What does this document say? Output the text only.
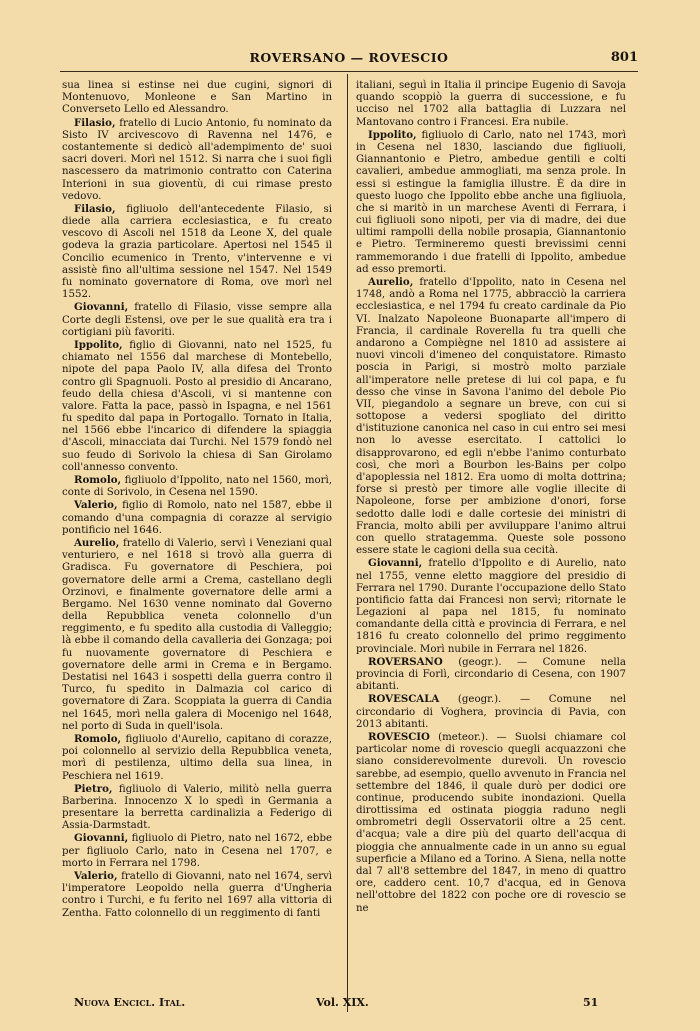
ROVERSANO — ROVESCIO	801

sua linea si estinse nei due cugini, signori di Montenuovo, Monleone e San Martino in Converseto Lello ed Alessandro.

Filasio, fratello di Lucio Antonio, fu nominato da Sisto IV arcivescovo di Ravenna nel 1476, e costantemente si dedicò all'adempimento de' suoi sacri doveri. Morì nel 1512. Si narra che i suoi figli nascessero da matrimonio contratto con Caterina Interioni in sua gioventù, di cui rimase presto vedovo.

Filasio, figliuolo dell'antecedente Filasio, si diede alla carriera ecclesiastica, e fu creato vescovo di Ascoli nel 1518 da Leone X, del quale godeva la grazia particolare. Apertosi nel 1545 il Concilio ecumenico in Trento, v'intervenne e vi assistè fino all'ultima sessione nel 1547. Nel 1549 fu nominato governatore di Roma, ove morì nel 1552.

Giovanni, fratello di Filasio, visse sempre alla Corte degli Estensi, ove per le sue qualità era tra i cortigiani più favoriti.

Ippolito, figlio di Giovanni, nato nel 1525, fu chiamato nel 1556 dal marchese di Montebello, nipote del papa Paolo IV, alla difesa del Tronto contro gli Spagnuoli. Posto al presidio di Ancarano, feudo della chiesa d'Ascoli, vi si mantenne con valore. Fatta la pace, passò in Ispagna, e nel 1561 fu spedito dal papa in Portogallo. Tornato in Italia, nel 1566 ebbe l'incarico di difendere la spiaggia d'Ascoli, minacciata dai Turchi. Nel 1579 fondò nel suo feudo di Sorivolo la chiesa di San Girolamo coll'annesso convento.

Romolo, figliuolo d'Ippolito, nato nel 1560, morì, conte di Sorivolo, in Cesena nel 1590.

Valerio, figlio di Romolo, nato nel 1587, ebbe il comando d'una compagnia di corazze al servigio pontificio nel 1646.

Aurelio, fratello di Valerio, servì i Veneziani qual venturiero, e nel 1618 si trovò alla guerra di Gradisca. Fu governatore di Peschiera, poi governatore delle armi a Crema, castellano degli Orzinovi, e finalmente governatore delle armi a Bergamo. Nel 1630 venne nominato dal Governo della Repubblica veneta colonnello d'un reggimento, e fu spedito alla custodia di Valleggio; là ebbe il comando della cavalleria dei Gonzaga; poi fu nuovamente governatore di Peschiera e governatore delle armi in Crema e in Bergamo. Destatisi nel 1643 i sospetti della guerra contro il Turco, fu spedito in Dalmazia col carico di governatore di Zara. Scoppiata la guerra di Candia nel 1645, morì nella galera di Mocenigo nel 1648, nel porto di Suda in quell'isola.

Romolo, figliuolo d'Aurelio, capitano di corazze, poi colonnello al servizio della Repubblica veneta, morì di pestilenza, ultimo della sua linea, in Peschiera nel 1619.

Pietro, figliuolo di Valerio, militò nella guerra Barberina. Innocenzo X lo spedì in Germania a presentare la berretta cardinalizia a Federigo di Assia-Darmstadt.

Giovanni, figliuolo di Pietro, nato nel 1672, ebbe per figliuolo Carlo, nato in Cesena nel 1707, e morto in Ferrara nel 1798.

Valerio, fratello di Giovanni, nato nel 1674, servì l'imperatore Leopoldo nella guerra d'Ungheria contro i Turchi, e fu ferito nel 1697 alla vittoria di Zentha. Fatto colonnello di un reggimento di fanti

italiani, seguì in Italia il principe Eugenio di Savoja quando scoppiò la guerra di successione, e fu ucciso nel 1702 alla battaglia di Luzzara nel Mantovano contro i Francesi. Era nubile.

Ippolito, figliuolo di Carlo, nato nel 1743, morì in Cesena nel 1830, lasciando due figliuoli, Giannantonio e Pietro, ambedue gentili e colti cavalieri, ambedue ammogliati, ma senza prole. In essi si estingue la famiglia illustre. È da dire in questo luogo che Ippolito ebbe anche una figliuola, che si maritò in un marchese Aventi di Ferrara, i cui figliuoli sono nipoti, per via di madre, dei due ultimi rampolli della nobile prosapia, Giannantonio e Pietro. Termineremo questi brevissimi cenni rammemorando i due fratelli di Ippolito, ambedue ad esso premorti.

Aurelio, fratello d'Ippolito, nato in Cesena nel 1748, andò a Roma nel 1775, abbracciò la carriera ecclesiastica, e nel 1794 fu creato cardinale da Pio VI. Inalzato Napoleone Buonaparte all'impero di Francia, il cardinale Roverella fu tra quelli che andarono a Compiègne nel 1810 ad assistere ai nuovi vincoli d'imeneo del conquistatore. Rimasto poscia in Parigi, si mostrò molto parziale all'imperatore nelle pretese di lui col papa, e fu desso che vinse in Savona l'animo del debole Pio VII, piegandolo a segnare un breve, con cui si sottopose a vedersi spogliato del diritto d'istituzione canonica nel caso in cui entro sei mesi non lo avesse esercitato. I cattolici lo disapprovarono, ed egli n'ebbe l'animo conturbato così, che morì a Bourbon les-Bains per colpo d'apoplessia nel 1812. Era uomo di molta dottrina; forse si prestò per timore alle voglie illecite di Napoleone, forse per ambizione d'onori, forse sedotto dalle lodi e dalle cortesie dei ministri di Francia, molto abili per avviluppare l'animo altrui con quello stratagemma. Queste sole possono essere state le cagioni della sua cecità.

Giovanni, fratello d'Ippolito e di Aurelio, nato nel 1755, venne eletto maggiore del presidio di Ferrara nel 1790. Durante l'occupazione dello Stato pontificio fatta dai Francesi non servì; ritornate le Legazioni al papa nel 1815, fu nominato comandante della città e provincia di Ferrara, e nel 1816 fu creato colonnello del primo reggimento provinciale. Morì nubile in Ferrara nel 1826.

ROVERSANO (geogr.). — Comune nella provincia di Forlì, circondario di Cesena, con 1907 abitanti.

ROVESCALA (geogr.). — Comune nel circondario di Voghera, provincia di Pavia, con 2013 abitanti.

ROVESCIO (meteor.). — Suolsi chiamare col particolar nome di rovescio quegli acquazzoni che siano considerevolmente durevoli. Un rovescio sarebbe, ad esempio, quello avvenuto in Francia nel settembre del 1846, il quale durò per dodici ore continue, producendo subite inondazioni. Quella dirottissima ed ostinata pioggia raduno negli ombrometri degli Osservatorii oltre a 25 cent. d'acqua; vale a dire più del quarto dell'acqua di pioggia che annualmente cade in un anno su egual superficie a Milano ed a Torino. A Siena, nella notte dal 7 all'8 settembre del 1847, in meno di quattro ore, caddero cent. 10,7 d'acqua, ed in Genova nell'ottobre del 1822 con poche ore di rovescio se ne

Nuova Encicl. Ital.	Vol. XIX.	51
